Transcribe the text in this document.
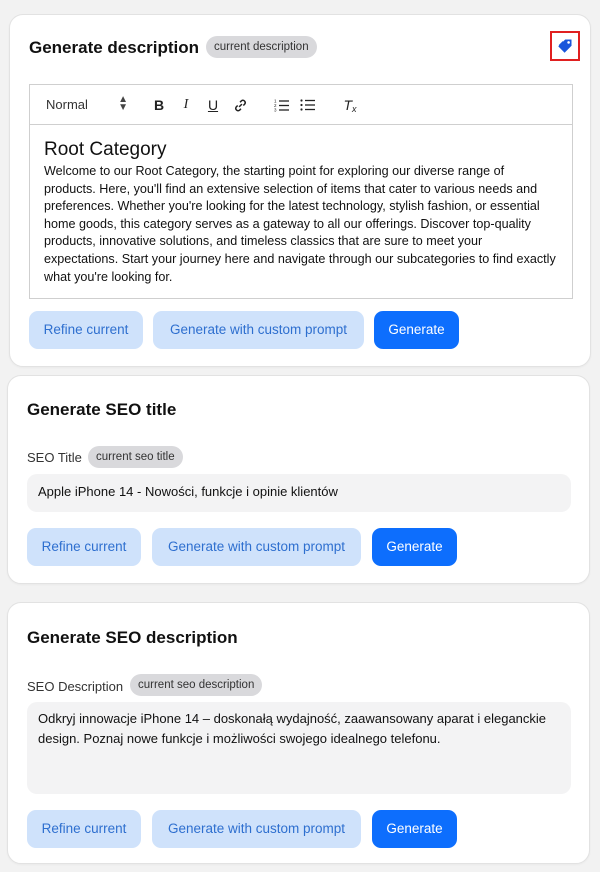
Generate description	current description
Normal	▲
▼	B	I	U	1
2
3	T x
Root Category
Welcome to our Root Category, the starting point for exploring our diverse range of products. Here, you'll find an extensive selection of items that cater to various needs and preferences. Whether you're looking for the latest technology, stylish fashion, or essential home goods, this category serves as a gateway to all our offerings. Discover top-quality products, innovative solutions, and timeless classics that are sure to meet your expectations. Start your journey here and navigate through our subcategories to find exactly what you're looking for.
Refine current	Generate with custom prompt	Generate
Generate SEO title
SEO Title	current seo title
Apple iPhone 14 - Nowości, funkcje i opinie klientów
Refine current	Generate with custom prompt	Generate
Generate SEO description
SEO Description	current seo description
Odkryj innowacje iPhone 14 – doskonałą wydajność, zaawansowany aparat i eleganckie design. Poznaj nowe funkcje i możliwości swojego idealnego telefonu.
Refine current	Generate with custom prompt	Generate
